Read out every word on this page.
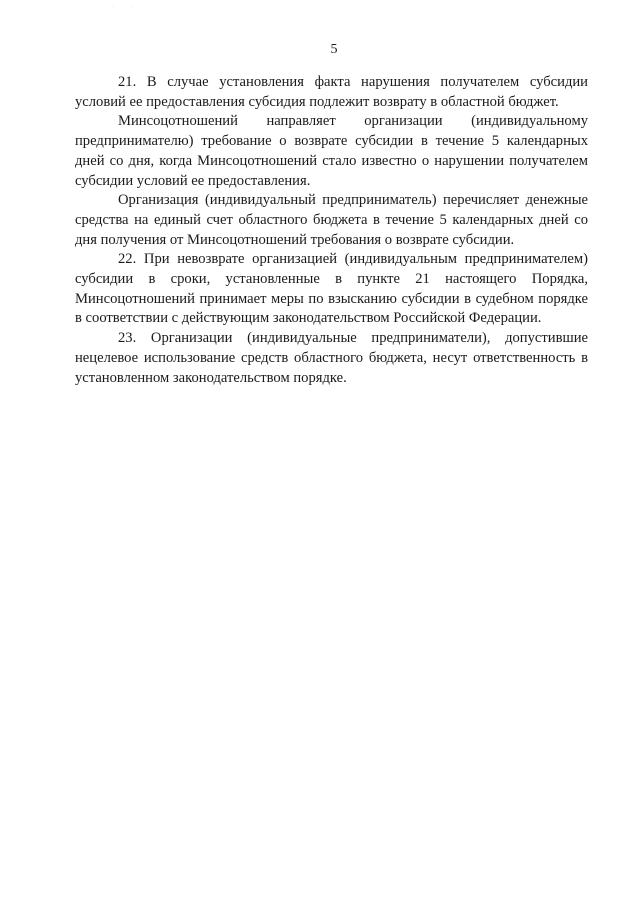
· ·
5

21. В случае установления факта нарушения получателем субсидии условий ее предоставления субсидия подлежит возврату в областной бюджет.

Минсоцотношений направляет организации (индивидуальному предпринимателю) требование о возврате субсидии в течение 5 календарных дней со дня, когда Минсоцотношений стало известно о нарушении получателем субсидии условий ее предоставления.

Организация (индивидуальный предприниматель) перечисляет денежные средства на единый счет областного бюджета в течение 5 календарных дней со дня получения от Минсоцотношений требования о возврате субсидии.

22. При невозврате организацией (индивидуальным предпринимателем) субсидии в сроки, установленные в пункте 21 настоящего Порядка, Минсоцотношений принимает меры по взысканию субсидии в судебном порядке в соответствии с действующим законодательством Российской Федерации.

23. Организации (индивидуальные предприниматели), допустившие нецелевое использование средств областного бюджета, несут ответственность в установленном законодательством порядке.
